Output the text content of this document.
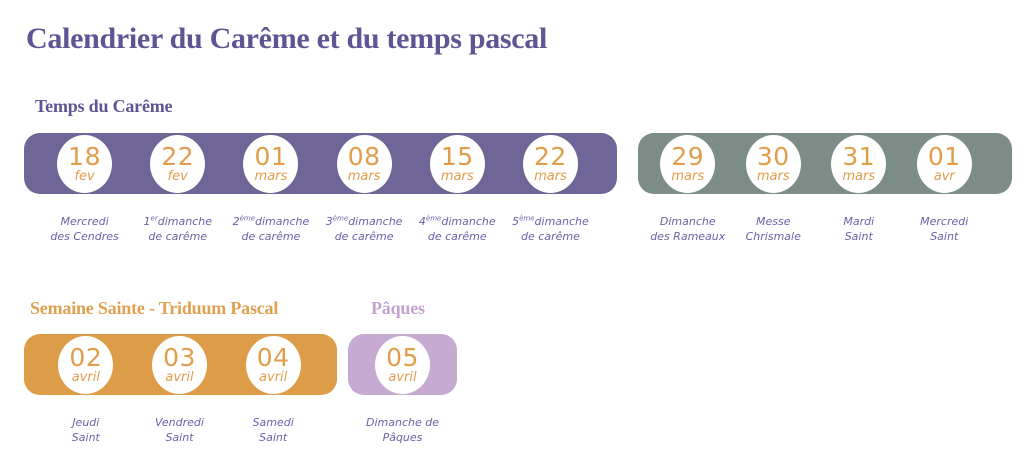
Calendrier du Carême et du temps pascal
Temps du Carême
Semaine Sainte - Triduum Pascal	Pâques
18
fev
22
fev
01
mars
08
mars
15
mars
22
mars
Mercredi
des Cendres
1erdimanche
de carême
2èmedimanche
de carême
3èmedimanche
de carême
4èmedimanche
de carême
5èmedimanche
de carême
29
mars
30
mars
31
mars
01
avr
Dimanche
des Rameaux
Messe
Chrismale
Mardi
Saint
Mercredi
Saint
02
avril
03
avril
04
avril
Jeudi
Saint
Vendredi
Saint
Samedi
Saint
05
avril
Dimanche de
Pâques
